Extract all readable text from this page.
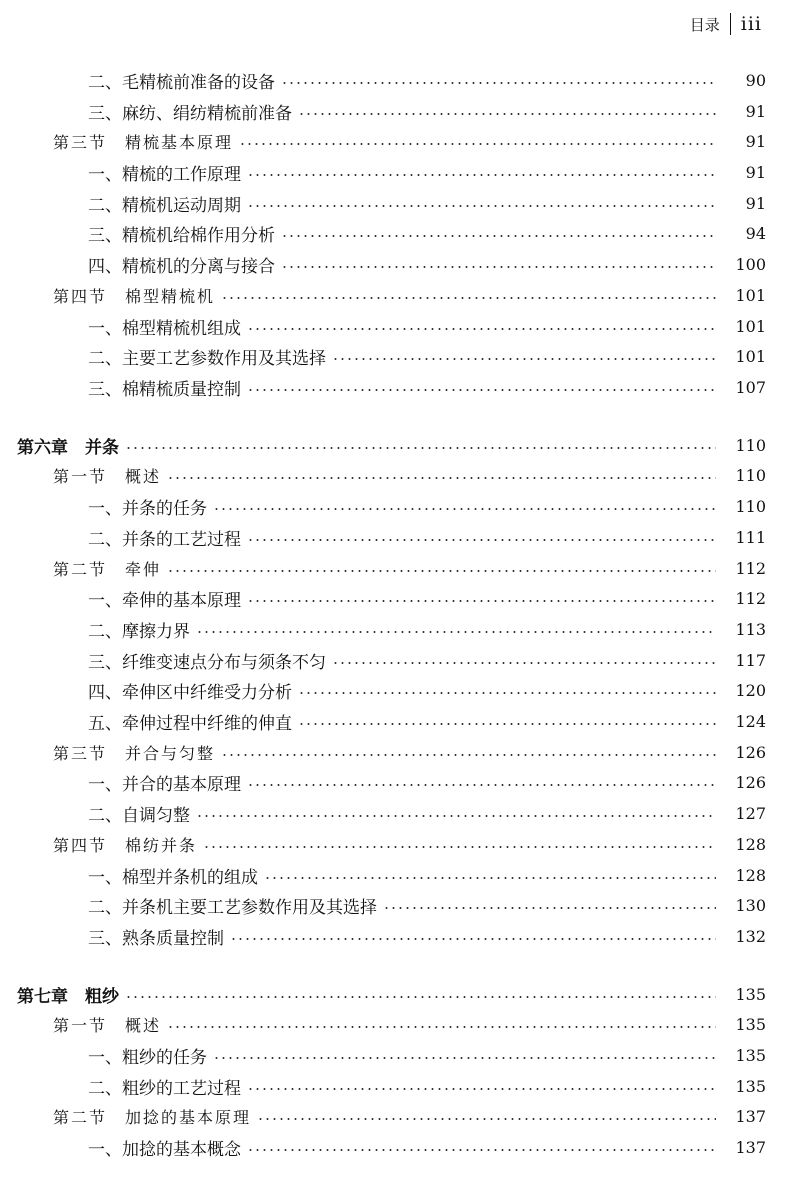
目录 iii
二、毛精梳前准备的设备	90
三、麻纺、绢纺精梳前准备	91
第三节　精梳基本原理	91
一、精梳的工作原理	91
二、精梳机运动周期	91
三、精梳机给棉作用分析	94
四、精梳机的分离与接合	100
第四节　棉型精梳机	101
一、棉型精梳机组成	101
二、主要工艺参数作用及其选择	101
三、棉精梳质量控制	107
第六章　并条	110
第一节　概述	110
一、并条的任务	110
二、并条的工艺过程	111
第二节　牵伸	112
一、牵伸的基本原理	112
二、摩擦力界	113
三、纤维变速点分布与须条不匀	117
四、牵伸区中纤维受力分析	120
五、牵伸过程中纤维的伸直	124
第三节　并合与匀整	126
一、并合的基本原理	126
二、自调匀整	127
第四节　棉纺并条	128
一、棉型并条机的组成	128
二、并条机主要工艺参数作用及其选择	130
三、熟条质量控制	132
第七章　粗纱	135
第一节　概述	135
一、粗纱的任务	135
二、粗纱的工艺过程	135
第二节　加捻的基本原理	137
一、加捻的基本概念	137
